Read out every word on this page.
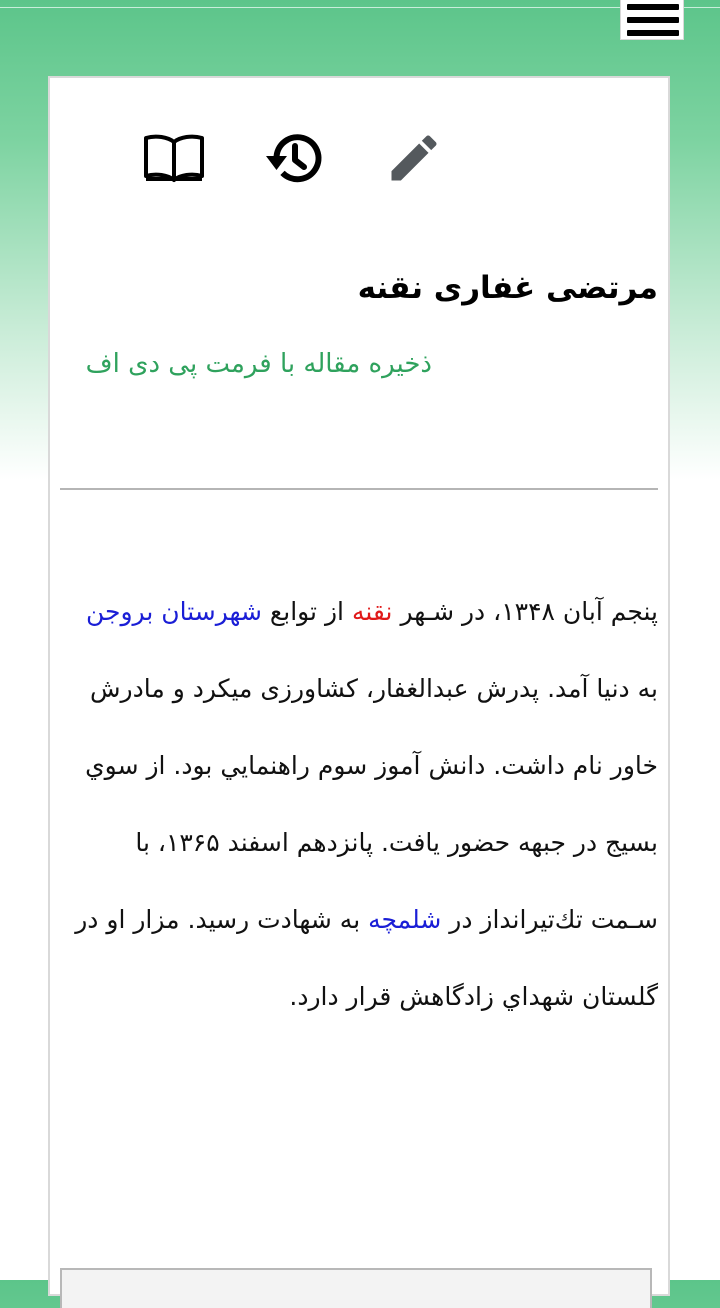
مرتضی غفاری نقنه
ذخیره مقاله با فرمت پی دی اف

پنجم آبان ۱۳۴۸، در شـهر نقنه از توابع شهرستان بروجن به دنیا آمد. پدرش عبدالغفار، کشاورزی میکرد و مادرش خاور نام داشت. دانش آموز سوم راهنمايي بود. از سوي بسيج در جبهه حضور يافت. پانزدهم اسفند ۱۳۶۵، با سـمت تك‌تيرانداز در شلمچه به شهادت رسيد. مزار او در گلستان شهداي زادگاهش قرار دارد.
